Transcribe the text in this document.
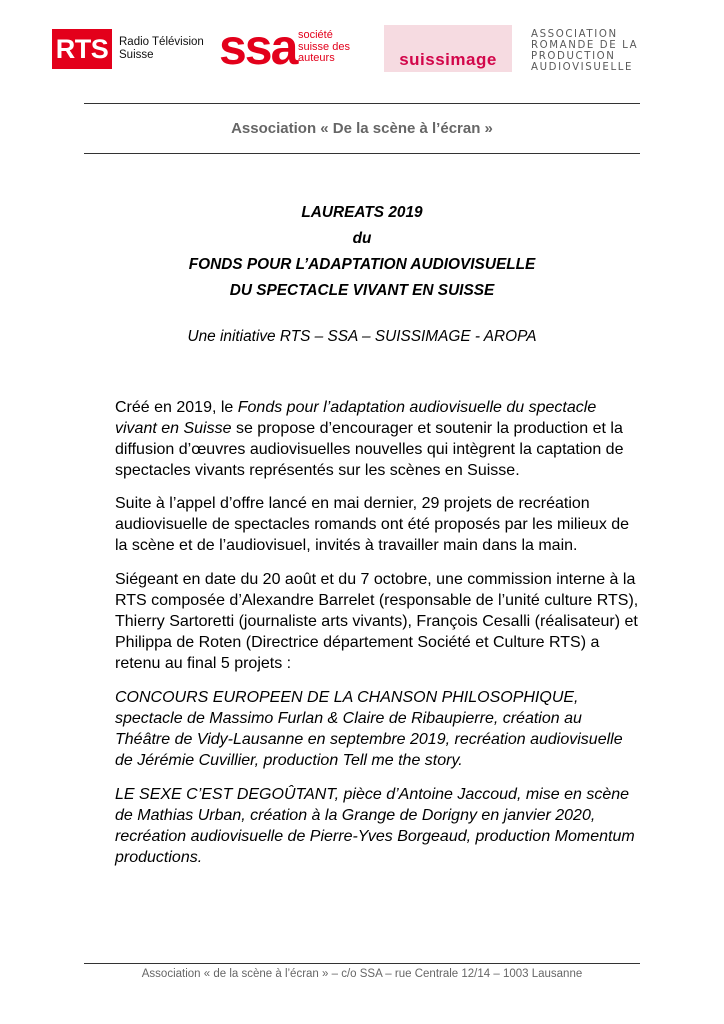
RTS Radio Télévision
Suisse	ssa société
suisse des
auteurs	suissimage
ASSOCIATION
ROMANDE DE LA
PRODUCTION
AUDIOVISUELLE
Association « De la scène à l’écran »
LAUREATS 2019
du
FONDS POUR L’ADAPTATION AUDIOVISUELLE
DU SPECTACLE VIVANT EN SUISSE
Une initiative RTS – SSA – SUISSIMAGE - AROPA

Créé en 2019, le Fonds pour l’adaptation audiovisuelle du spectacle vivant en Suisse se propose d’encourager et soutenir la production et la diffusion d’œuvres audiovisuelles nouvelles qui intègrent la captation de spectacles vivants représentés sur les scènes en Suisse.

Suite à l’appel d’offre lancé en mai dernier, 29 projets de recréation audiovisuelle de spectacles romands ont été proposés par les milieux de la scène et de l’audiovisuel, invités à travailler main dans la main.

Siégeant en date du 20 août et du 7 octobre, une commission interne à la RTS composée d’Alexandre Barrelet (responsable de l’unité culture RTS), Thierry Sartoretti (journaliste arts vivants), François Cesalli (réalisateur) et Philippa de Roten (Directrice département Société et Culture RTS) a retenu au final 5 projets :

CONCOURS EUROPEEN DE LA CHANSON PHILOSOPHIQUE, spectacle de Massimo Furlan & Claire de Ribaupierre, création au Théâtre de Vidy-Lausanne en septembre 2019, recréation audiovisuelle de Jérémie Cuvillier, production Tell me the story.

LE SEXE C’EST DEGOÛTANT, pièce d’Antoine Jaccoud, mise en scène de Mathias Urban, création à la Grange de Dorigny en janvier 2020, recréation audiovisuelle de Pierre-Yves Borgeaud, production Momentum productions.

Association « de la scène à l’écran » – c/o SSA – rue Centrale 12/14 – 1003 Lausanne
